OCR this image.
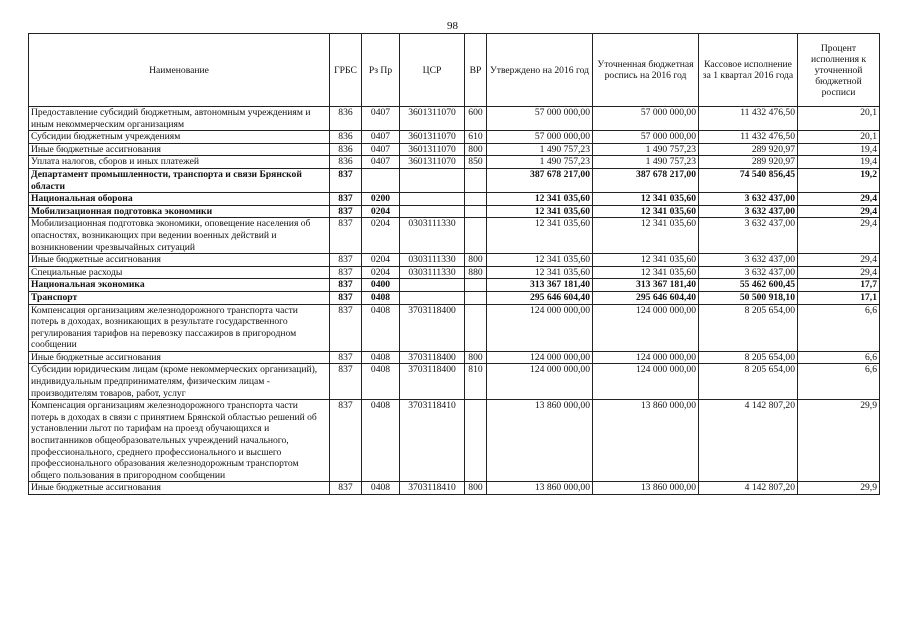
98
Наименование	ГРБС	Рз Пр	ЦСР	ВР	Утверждено на 2016 год	Уточненная бюджетная роспись на 2016 год	Кассовое исполнение за 1 квартал 2016 года	Процент исполнения к уточненной бюджетной росписи
Предоставление субсидий бюджетным, автономным учреждениям и иным некоммерческим организациям	836	0407	3601311070	600	57 000 000,00	57 000 000,00	11 432 476,50	20,1
Субсидии бюджетным учреждениям	836	0407	3601311070	610	57 000 000,00	57 000 000,00	11 432 476,50	20,1
Иные бюджетные ассигнования	836	0407	3601311070	800	1 490 757,23	1 490 757,23	289 920,97	19,4
Уплата налогов, сборов и иных платежей	836	0407	3601311070	850	1 490 757,23	1 490 757,23	289 920,97	19,4
Департамент промышленности, транспорта и связи Брянской области	837				387 678 217,00	387 678 217,00	74 540 856,45	19,2
Национальная оборона	837	0200			12 341 035,60	12 341 035,60	3 632 437,00	29,4
Мобилизационная подготовка экономики	837	0204			12 341 035,60	12 341 035,60	3 632 437,00	29,4
Мобилизационная подготовка экономики, оповещение населения об опасностях, возникающих при ведении военных действий и возникновении чрезвычайных ситуаций	837	0204	0303111330		12 341 035,60	12 341 035,60	3 632 437,00	29,4
Иные бюджетные ассигнования	837	0204	0303111330	800	12 341 035,60	12 341 035,60	3 632 437,00	29,4
Специальные расходы	837	0204	0303111330	880	12 341 035,60	12 341 035,60	3 632 437,00	29,4
Национальная экономика	837	0400			313 367 181,40	313 367 181,40	55 462 600,45	17,7
Транспорт	837	0408			295 646 604,40	295 646 604,40	50 500 918,10	17,1
Компенсация организациям железнодорожного транспорта части потерь в доходах, возникающих в результате государственного регулирования тарифов на перевозку пассажиров в пригородном сообщении	837	0408	3703118400		124 000 000,00	124 000 000,00	8 205 654,00	6,6
Иные бюджетные ассигнования	837	0408	3703118400	800	124 000 000,00	124 000 000,00	8 205 654,00	6,6
Субсидии юридическим лицам (кроме некоммерческих организаций), индивидуальным предпринимателям, физическим лицам - производителям товаров, работ, услуг	837	0408	3703118400	810	124 000 000,00	124 000 000,00	8 205 654,00	6,6
Компенсация организациям железнодорожного транспорта части потерь в доходах в связи с принятием Брянской областью решений об установлении льгот по тарифам на проезд обучающихся и воспитанников общеобразовательных учреждений начального, профессионального, среднего профессионального и высшего профессионального образования железнодорожным транспортом общего пользования в пригородном сообщении	837	0408	3703118410		13 860 000,00	13 860 000,00	4 142 807,20	29,9
Иные бюджетные ассигнования	837	0408	3703118410	800	13 860 000,00	13 860 000,00	4 142 807,20	29,9
